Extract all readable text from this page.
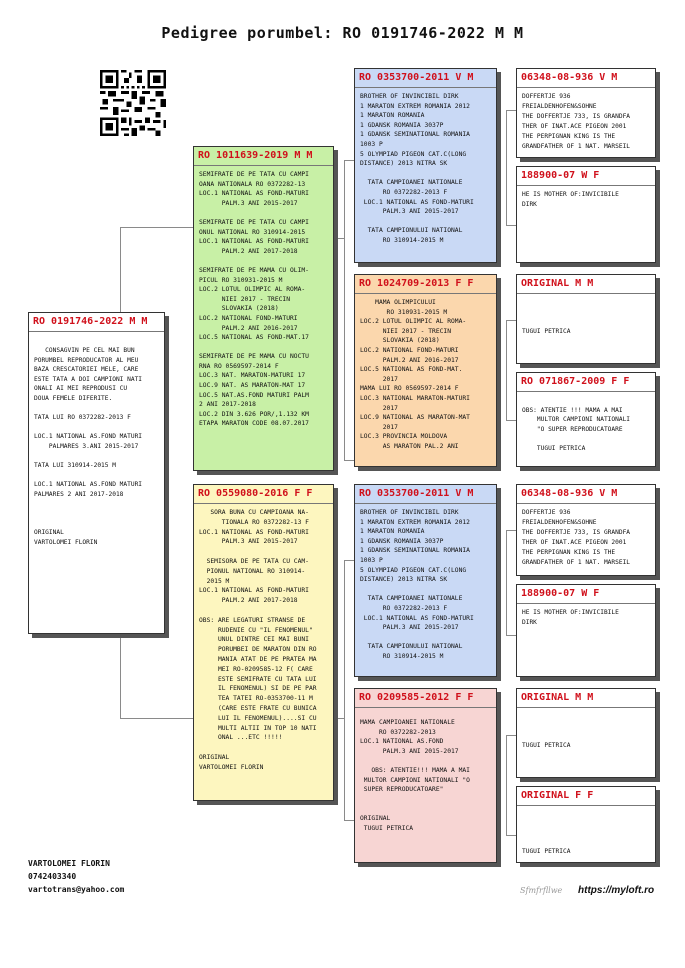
Pedigree porumbel: RO 0191746-2022 M M
RO 0191746-2022 M M
CONSAGVIN PE CEL MAI BUN
PORUMBEL REPRODUCATOR AL MEU
BAZA CRESCATORIEI MELE, CARE
ESTE TATA A DOI CAMPIONI NATI
ONALI AI MEI REPRODUSI CU
DOUA FEMELE DIFERITE.

TATA LUI RO 0372282-2013 F

LOC.1 NATIONAL AS.FOND MATURI
PALMARES 3.ANI 2015-2017

TATA LUI 310914-2015 M

LOC.1 NATIONAL AS.FOND MATURI
PALMARES 2 ANI 2017-2018

ORIGINAL
VARTOLOMEI FLORIN
RO 1011639-2019 M M
SEMIFRATE DE PE TATA CU CAMPI
OANA NATIONALA RO 0372282-13
LOC.1 NATIONAL AS FOND-MATURI
PALM.3 ANI 2015-2017

SEMIFRATE DE PE TATA CU CAMPI
ONUL NATIONAL RO 310914-2015
LOC.1 NATIONAL AS FOND-MATURI
PALM.2 ANI 2017-2018

SEMIFRATE DE PE MAMA CU OLIM-
PICUL RO 310931-2015 M
LOC.2 LOTUL OLIMPIC AL ROMA-
NIEI 2017 - TRECIN
SLOVAKIA (2018)
LOC.2 NATIONAL FOND-MATURI
PALM.2 ANI 2016-2017
LOC.5 NATIONAL AS FOND-MAT.17

SEMIFRATE DE PE MAMA CU NOCTU
RNA RO 0569597-2014 F
LOC.3 NAT. MARATON-MATURI 17
LOC.9 NAT. AS MARATON-MAT 17
LOC.5 NAT.AS.FOND MATURI PALM
2 ANI 2017-2018
LOC.2 DIN 3.626 POR/,1.132 KM
ETAPA MARATON CODE 08.07.2017
RO 0559080-2016 F F
SORA BUNA CU CAMPIOANA NA-
TIONALA RO 0372282-13 F
LOC.1 NATIONAL AS FOND-MATURI
PALM.3 ANI 2015-2017

SEMISORA DE PE TATA CU CAM-
PIONUL NATIONAL RO 310914-
2015 M
LOC.1 NATIONAL AS FOND-MATURI
PALM.2 ANI 2017-2018

OBS: ARE LEGATURI STRANSE DE
RUDENIE CU "IL FENOMENUL"
UNUL DINTRE CEI MAI BUNI
PORUMBEI DE MARATON DIN RO
MANIA ATAT DE PE PRATEA MA
MEI RO-0209585-12 F( CARE
ESTE SEMIFRATE CU TATA LUI
IL FENOMENUL) SI DE PE PAR
TEA TATEI RO-0353700-11 M
(CARE ESTE FRATE CU BUNICA
LUI IL FENOMENUL)....SI CU
MULTI ALTII IN TOP 10 NATI
ONAL ...ETC !!!!!

ORIGINAL
VARTOLOMEI FLORIN
RO 0353700-2011 V M
BROTHER OF INVINCIBIL DIRK
1 MARATON EXTREM ROMANIA 2012
1 MARATON ROMANIA
1 GDANSK ROMANIA 3037P
1 GDANSK SEMINATIONAL ROMANIA
1003 P
5 OLYMPIAD PIGEON CAT.C(LONG
DISTANCE) 2013 NITRA SK

TATA CAMPIOANEI NATIONALE
RO 0372282-2013 F
LOC.1 NATIONAL AS FOND-MATURI
PALM.3 ANI 2015-2017

TATA CAMPIONULUI NATIONAL
RO 310914-2015 M
RO 1024709-2013 F F
MAMA OLIMPICULUI
RO 310931-2015 M
LOC.2 LOTUL OLIMPIC AL ROMA-
NIEI 2017 - TRECIN
SLOVAKIA (2018)
LOC.2 NATIONAL FOND-MATURI
PALM.2 ANI 2016-2017
LOC.5 NATIONAL AS FOND-MAT.
2017
MAMA LUI RO 0569597-2014 F
LOC.3 NATIONAL MARATON-MATURI
2017
LOC.9 NATIONAL AS MARATON-MAT
2017
LOC.3 PROVINCIA MOLDOVA
AS MARATON PAL.2 ANI
RO 0353700-2011 V M
BROTHER OF INVINCIBIL DIRK
1 MARATON EXTREM ROMANIA 2012
1 MARATON ROMANIA
1 GDANSK ROMANIA 3037P
1 GDANSK SEMINATIONAL ROMANIA
1003 P
5 OLYMPIAD PIGEON CAT.C(LONG
DISTANCE) 2013 NITRA SK

TATA CAMPIOANEI NATIONALE
RO 0372282-2013 F
LOC.1 NATIONAL AS FOND-MATURI
PALM.3 ANI 2015-2017

TATA CAMPIONULUI NATIONAL
RO 310914-2015 M
RO 0209585-2012 F F
MAMA CAMPIOANEI NATIONALE
RO 0372282-2013
LOC.1 NATIONAL AS.FOND
PALM.3 ANI 2015-2017

OBS: ATENTIE!!! MAMA A MAI
MULTOR CAMPIONI NATIONALI "O
SUPER REPRODUCATOARE"

ORIGINAL
TUGUI PETRICA
06348-08-936 V M
DOFFERTJE 936
FREIALDENHOFEN&SOHNE
THE DOFFERTJE 733, IS GRANDFA
THER OF INAT.ACE PIGEON 2001
THE PERPIGNAN KING IS THE
GRANDFATHER OF 1 NAT. MARSEIL
188900-07 W F
HE IS MOTHER OF:INVICIBILE
DIRK
ORIGINAL M M

TUGUI PETRICA
RO 071867-2009 F F

OBS: ATENTIE !!! MAMA A MAI
MULTOR CAMPIONI NATIONALI
"O SUPER REPRODUCATOARE

TUGUI PETRICA
06348-08-936 V M
DOFFERTJE 936
FREIALDENHOFEN&SOHNE
THE DOFFERTJE 733, IS GRANDFA
THER OF INAT.ACE PIGEON 2001
THE PERPIGNAN KING IS THE
GRANDFATHER OF 1 NAT. MARSEIL
188900-07 W F
HE IS MOTHER OF:INVICIBILE
DIRK
ORIGINAL M M

TUGUI PETRICA
ORIGINAL F F

TUGUI PETRICA
VARTOLOMEI FLORIN
0742403340
vartotrans@yahoo.com	Sfmfrfllwe https://myloft.ro
